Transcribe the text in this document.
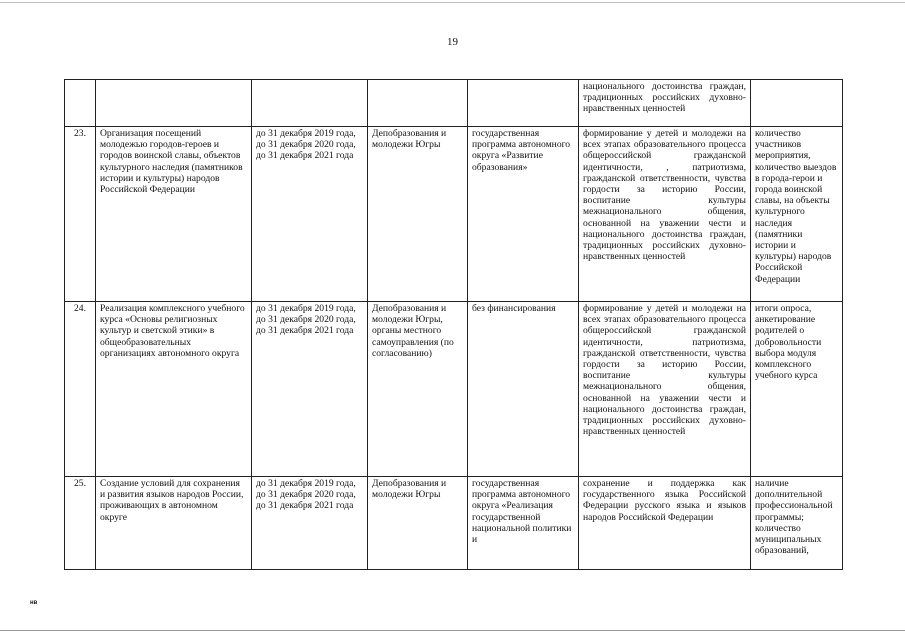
19
					национального достоинства граждан, традиционных российских духовно-нравственных ценностей	
23.	Организация посещений молодежью городов-героев и городов воинской славы, объектов культурного наследия (памятников истории и культуры) народов Российской Федерации	до 31 декабря 2019 года, до 31 декабря 2020 года, до 31 декабря 2021 года	Депобразования и молодежи Югры	государственная программа автономного округа «Развитие образования»	формирование у детей и молодежи на всех этапах образовательного процесса общероссийской гражданской идентичности, , патриотизма, гражданской ответственности, чувства гордости за историю России, воспитание культуры межнационального общения, основанной на уважении чести и национального достоинства граждан, традиционных российских духовно-нравственных ценностей	количество участников мероприятия, количество выездов в города-герои и города воинской славы, на объекты культурного наследия (памятники истории и культуры) народов Российской Федерации
24.	Реализация комплексного учебного курса «Основы религиозных культур и светской этики» в общеобразовательных организациях автономного округа	до 31 декабря 2019 года, до 31 декабря 2020 года, до 31 декабря 2021 года	Депобразования и молодежи Югры, органы местного самоуправления (по согласованию)	без финансирования	формирование у детей и молодежи на всех этапах образовательного процесса общероссийской гражданской идентичности, патриотизма, гражданской ответственности, чувства гордости за историю России, воспитание культуры межнационального общения, основанной на уважении чести и национального достоинства граждан, традиционных российских духовно-нравственных ценностей	итоги опроса, анкетирование родителей о добровольности выбора модуля комплексного учебного курса
25.	Создание условий для сохранения и развития языков народов России, проживающих в автономном округе	до 31 декабря 2019 года, до 31 декабря 2020 года, до 31 декабря 2021 года	Депобразования и молодежи Югры	государственная программа автономного округа «Реализация государственной национальной политики и	сохранение и поддержка как государственного языка Российской Федерации русского языка и языков народов Российской Федерации	наличие дополнительной профессиональной программы; количество муниципальных образований,
нв
